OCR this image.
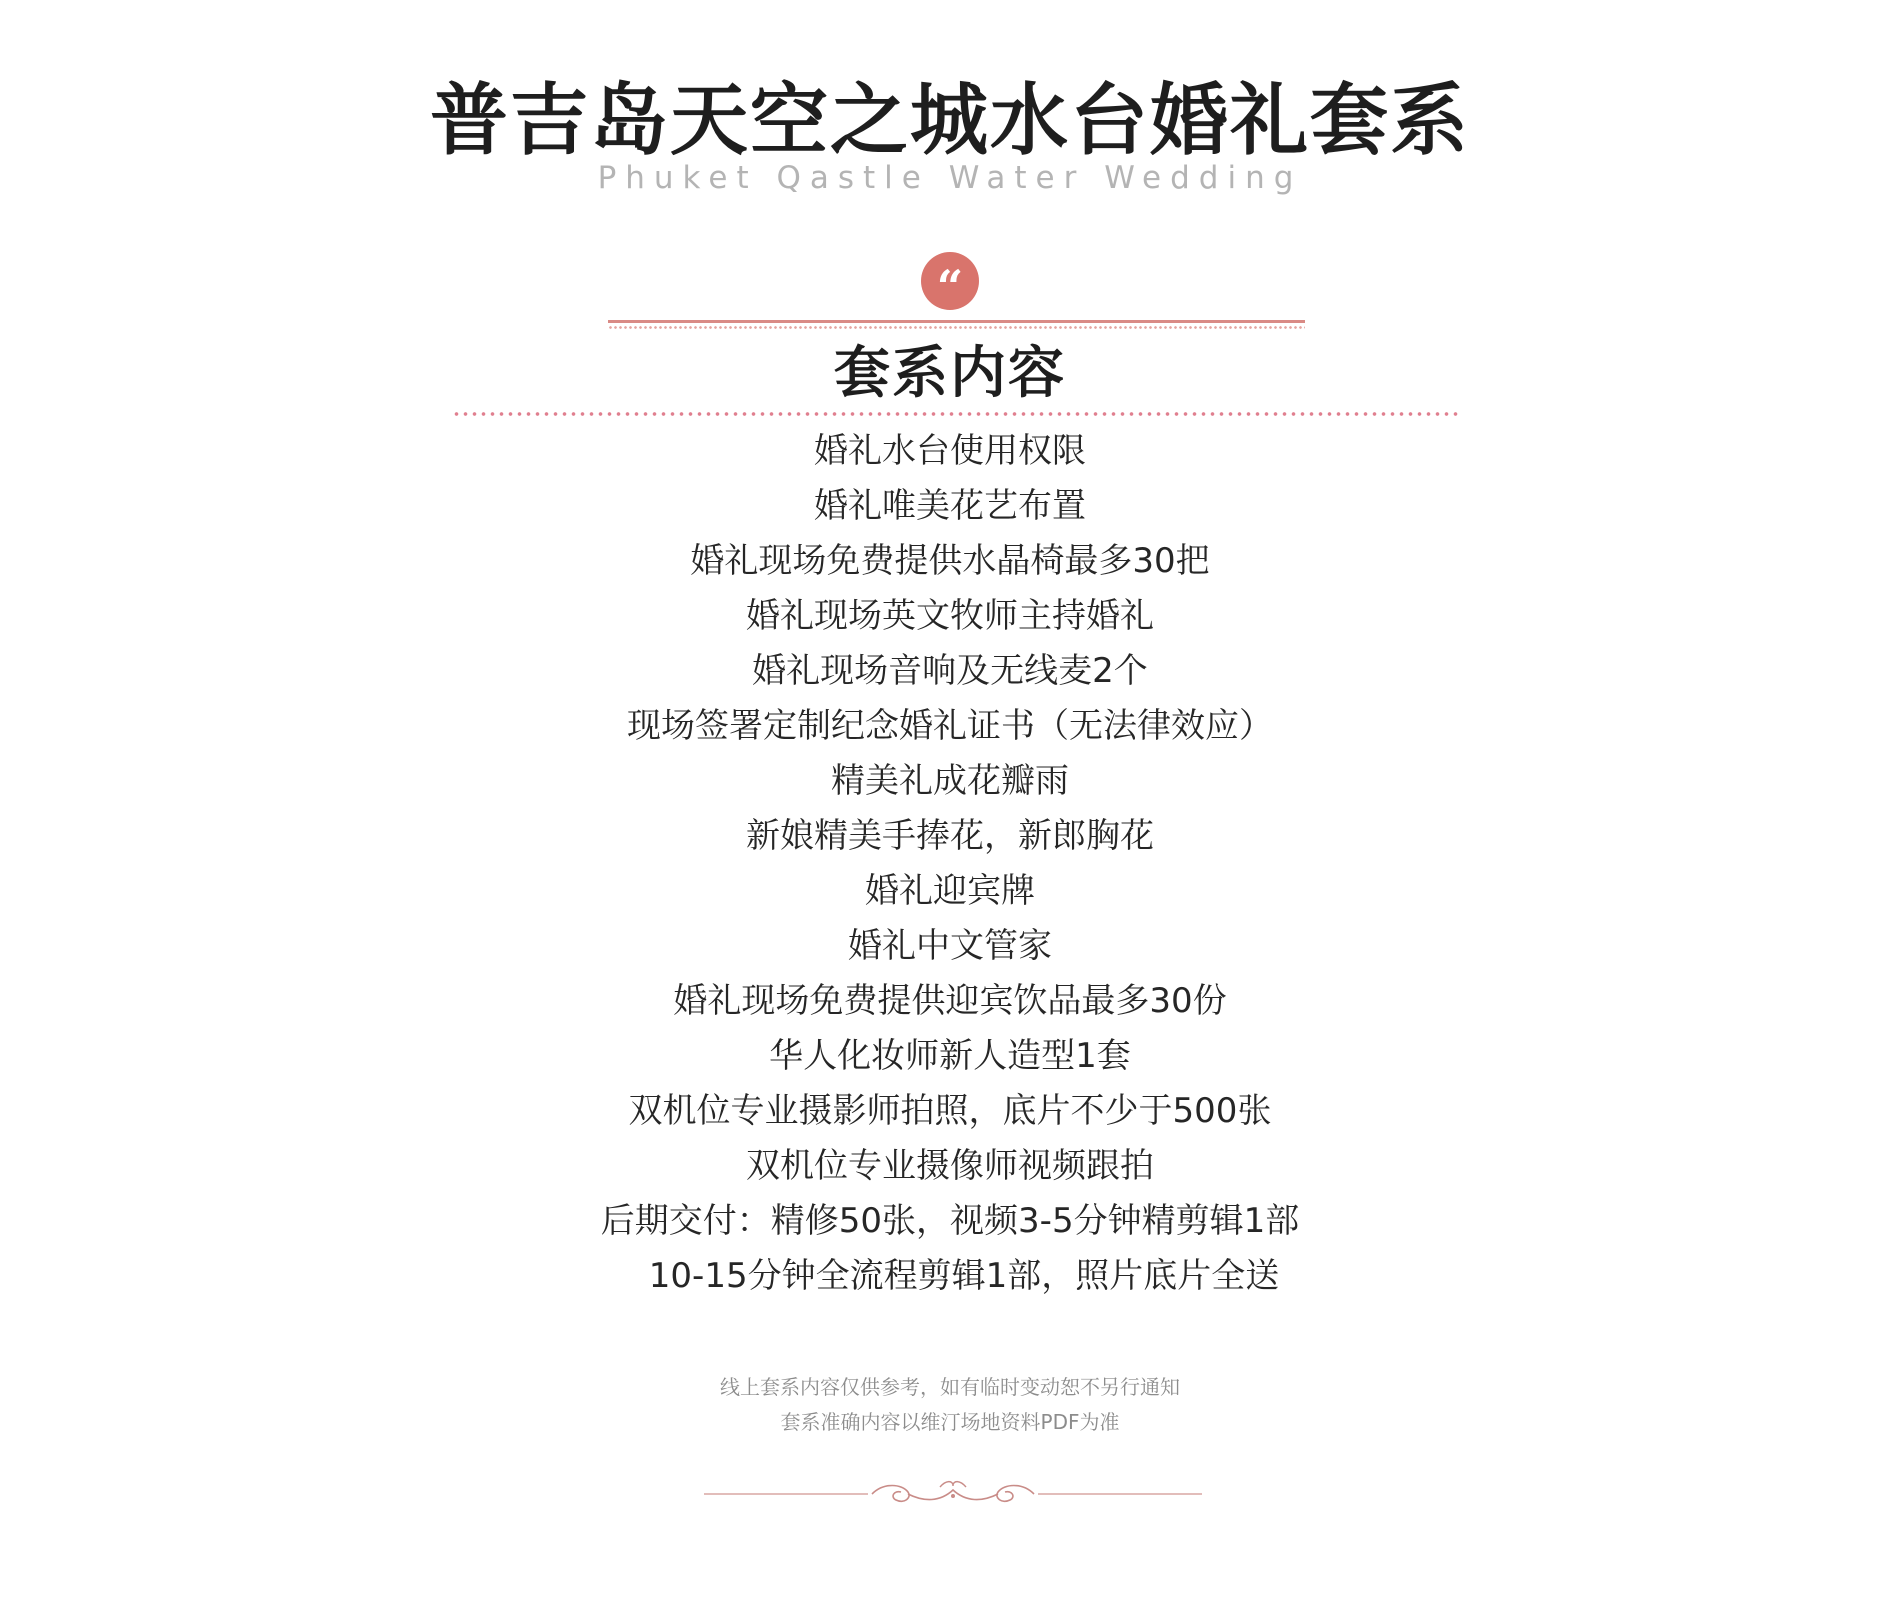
普吉岛天空之城水台婚礼套系
Phuket Qastle Water Wedding
“
套系内容
婚礼水台使用权限
婚礼唯美花艺布置
婚礼现场免费提供水晶椅最多30把
婚礼现场英文牧师主持婚礼
婚礼现场音响及无线麦2个
现场签署定制纪念婚礼证书（无法律效应）
精美礼成花瓣雨
新娘精美手捧花，新郎胸花
婚礼迎宾牌
婚礼中文管家
婚礼现场免费提供迎宾饮品最多30份
华人化妆师新人造型1套
双机位专业摄影师拍照，底片不少于500张
双机位专业摄像师视频跟拍
后期交付：精修50张，视频3-5分钟精剪辑1部
10-15分钟全流程剪辑1部，照片底片全送
线上套系内容仅供参考，如有临时变动恕不另行通知
套系准确内容以维汀场地资料PDF为准
